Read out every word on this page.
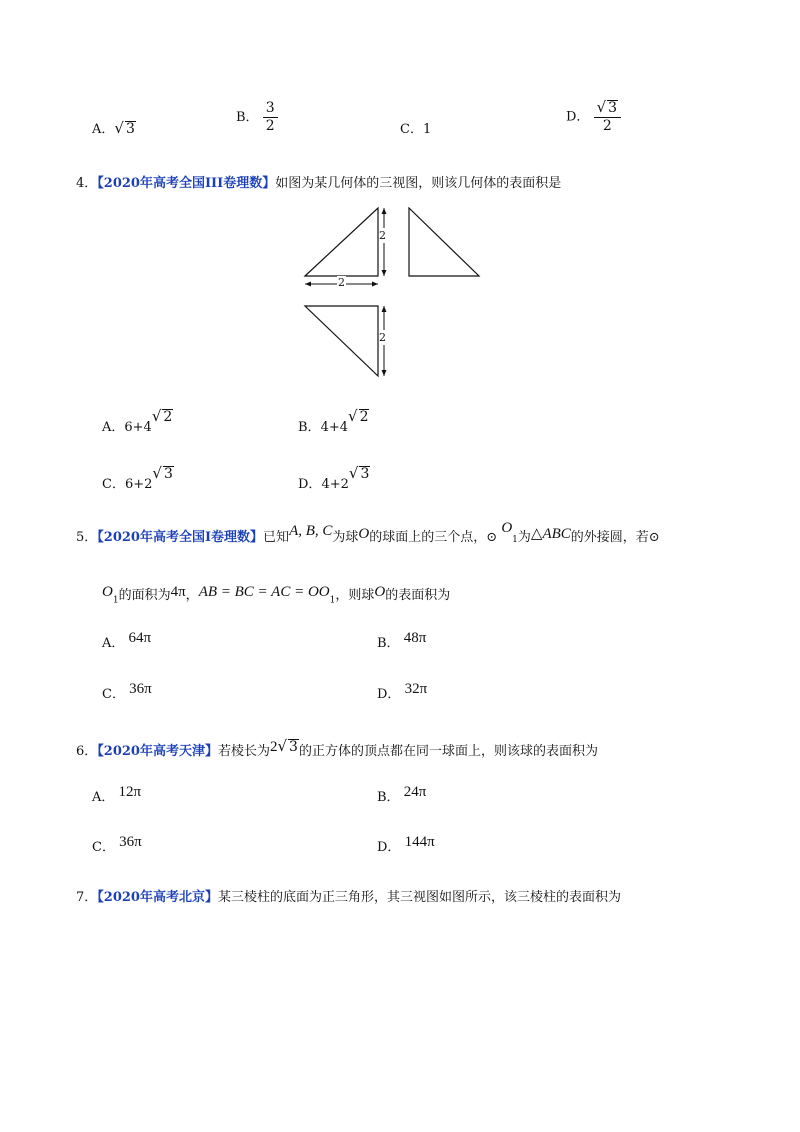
A．√ 3
B． $\frac{3}{2}$	C．1
D． $\frac{√ 3}{2}$
4．【2020年高考全国III卷理数】如图为某几何体的三视图，则该几何体的表面积是
2
2
2
A．6+4√ 2
B．4+4√ 2
C．6+2√ 3
D．4+2√ 3
5．【2020年高考全国Ⅰ卷理数】已知A, B, C为球O的球面上的三个点，⊙ $O_1$为△ABC的外接圆，若⊙
$O_1$的面积为4π，AB = BC = AC = $OO_1$，则球O的表面积为
A． 64π	B． 48π
C． 36π	D． 32π
6．【2020年高考天津】若棱长为2√ 3的正方体的顶点都在同一球面上，则该球的表面积为
A． 12π	B． 24π
C． 36π	D． 144π
7．【2020年高考北京】某三棱柱的底面为正三角形，其三视图如图所示，该三棱柱的表面积为
